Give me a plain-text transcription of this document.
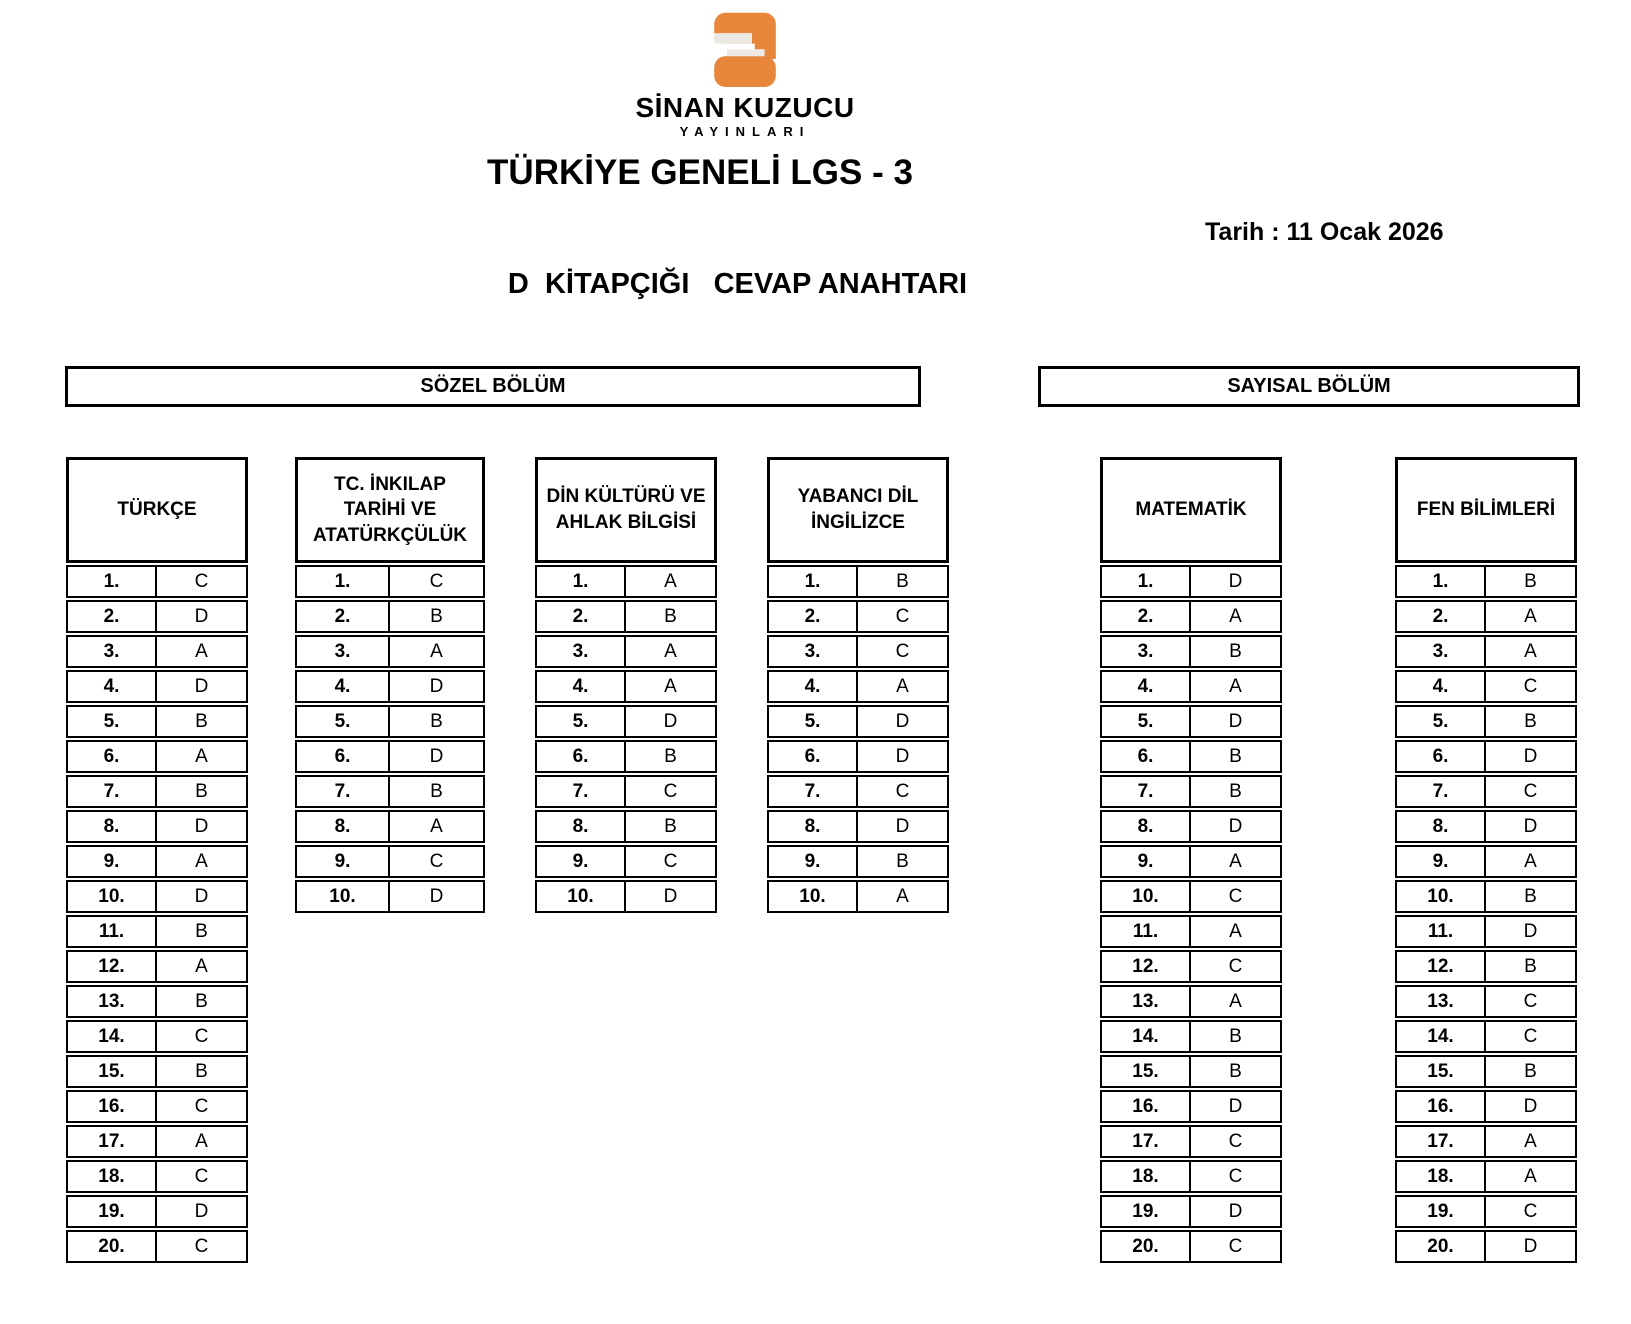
SİNAN KUZUCU
YAYINLARI
TÜRKİYE GENELİ LGS - 3
Tarih : 11 Ocak 2026
D  KİTAPÇIĞI   CEVAP ANAHTARI
SÖZEL BÖLÜM	SAYISAL BÖLÜM
TÜRKÇE
1.	C
2.	D
3.	A
4.	D
5.	B
6.	A
7.	B
8.	D
9.	A
10.	D
11.	B
12.	A
13.	B
14.	C
15.	B
16.	C
17.	A
18.	C
19.	D
20.	C
TC. İNKILAP TARİHİ VE ATATÜRKÇÜLÜK
1.	C
2.	B
3.	A
4.	D
5.	B
6.	D
7.	B
8.	A
9.	C
10.	D
DİN KÜLTÜRÜ VE AHLAK BİLGİSİ
1.	A
2.	B
3.	A
4.	A
5.	D
6.	B
7.	C
8.	B
9.	C
10.	D
YABANCI DİL İNGİLİZCE
1.	B
2.	C
3.	C
4.	A
5.	D
6.	D
7.	C
8.	D
9.	B
10.	A
MATEMATİK
1.	D
2.	A
3.	B
4.	A
5.	D
6.	B
7.	B
8.	D
9.	A
10.	C
11.	A
12.	C
13.	A
14.	B
15.	B
16.	D
17.	C
18.	C
19.	D
20.	C
FEN BİLİMLERİ
1.	B
2.	A
3.	A
4.	C
5.	B
6.	D
7.	C
8.	D
9.	A
10.	B
11.	D
12.	B
13.	C
14.	C
15.	B
16.	D
17.	A
18.	A
19.	C
20.	D
